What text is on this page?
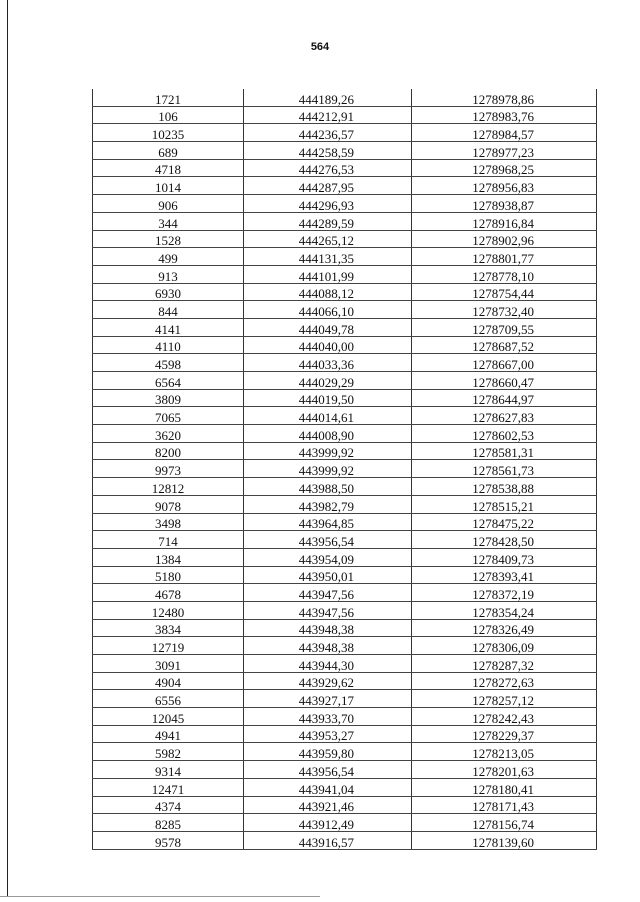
564
1721	444189,26	1278978,86
106	444212,91	1278983,76
10235	444236,57	1278984,57
689	444258,59	1278977,23
4718	444276,53	1278968,25
1014	444287,95	1278956,83
906	444296,93	1278938,87
344	444289,59	1278916,84
1528	444265,12	1278902,96
499	444131,35	1278801,77
913	444101,99	1278778,10
6930	444088,12	1278754,44
844	444066,10	1278732,40
4141	444049,78	1278709,55
4110	444040,00	1278687,52
4598	444033,36	1278667,00
6564	444029,29	1278660,47
3809	444019,50	1278644,97
7065	444014,61	1278627,83
3620	444008,90	1278602,53
8200	443999,92	1278581,31
9973	443999,92	1278561,73
12812	443988,50	1278538,88
9078	443982,79	1278515,21
3498	443964,85	1278475,22
714	443956,54	1278428,50
1384	443954,09	1278409,73
5180	443950,01	1278393,41
4678	443947,56	1278372,19
12480	443947,56	1278354,24
3834	443948,38	1278326,49
12719	443948,38	1278306,09
3091	443944,30	1278287,32
4904	443929,62	1278272,63
6556	443927,17	1278257,12
12045	443933,70	1278242,43
4941	443953,27	1278229,37
5982	443959,80	1278213,05
9314	443956,54	1278201,63
12471	443941,04	1278180,41
4374	443921,46	1278171,43
8285	443912,49	1278156,74
9578	443916,57	1278139,60
